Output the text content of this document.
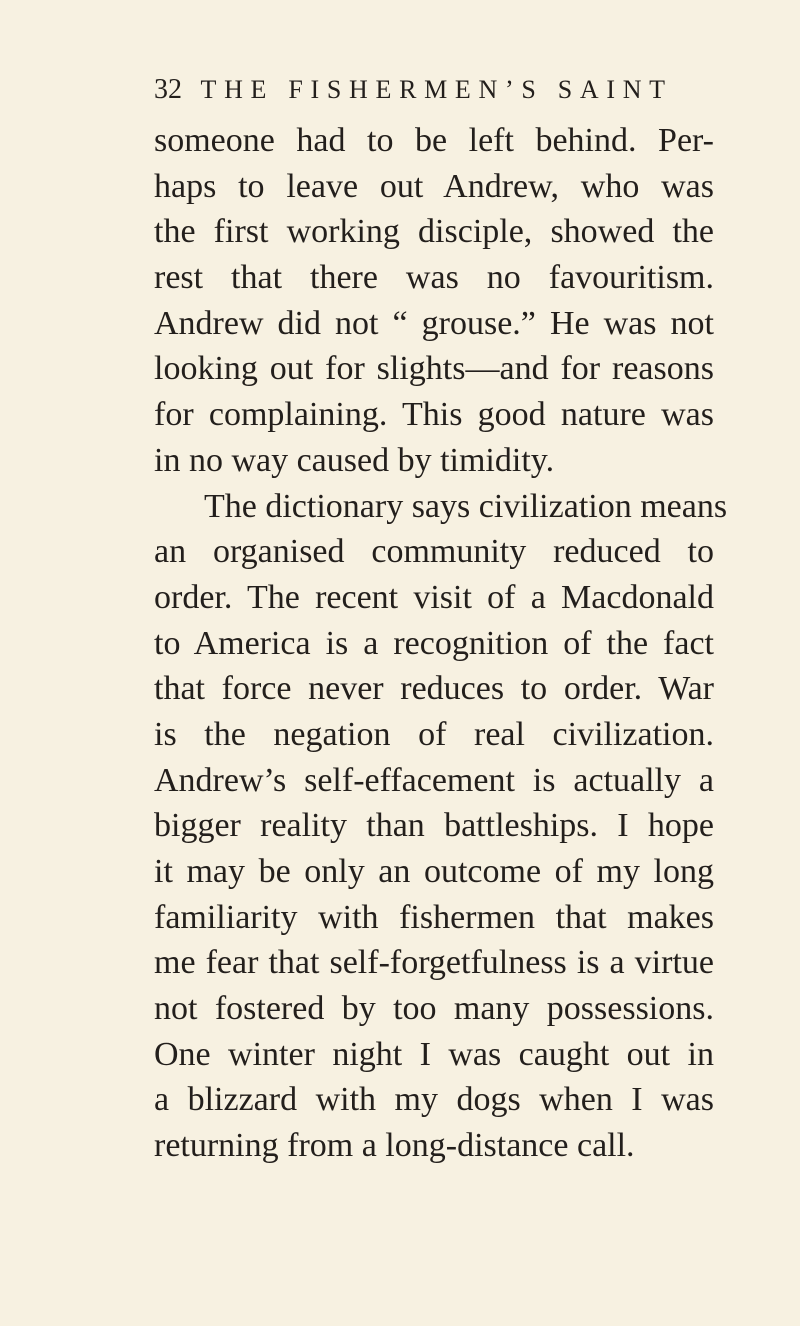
32 THE FISHERMEN’S SAINT
someone had to be left behind. Per-
haps to leave out Andrew, who was
the first working disciple, showed the
rest that there was no favouritism.
Andrew did not “ grouse.” He was not
looking out for slights—and for reasons
for complaining. This good nature was
in no way caused by timidity.
The dictionary says civilization means
an organised community reduced to
order. The recent visit of a Macdonald
to America is a recognition of the fact
that force never reduces to order. War
is the negation of real civilization.
Andrew’s self-effacement is actually a
bigger reality than battleships. I hope
it may be only an outcome of my long
familiarity with fishermen that makes
me fear that self-forgetfulness is a virtue
not fostered by too many possessions.
One winter night I was caught out in
a blizzard with my dogs when I was
returning from a long-distance call.
